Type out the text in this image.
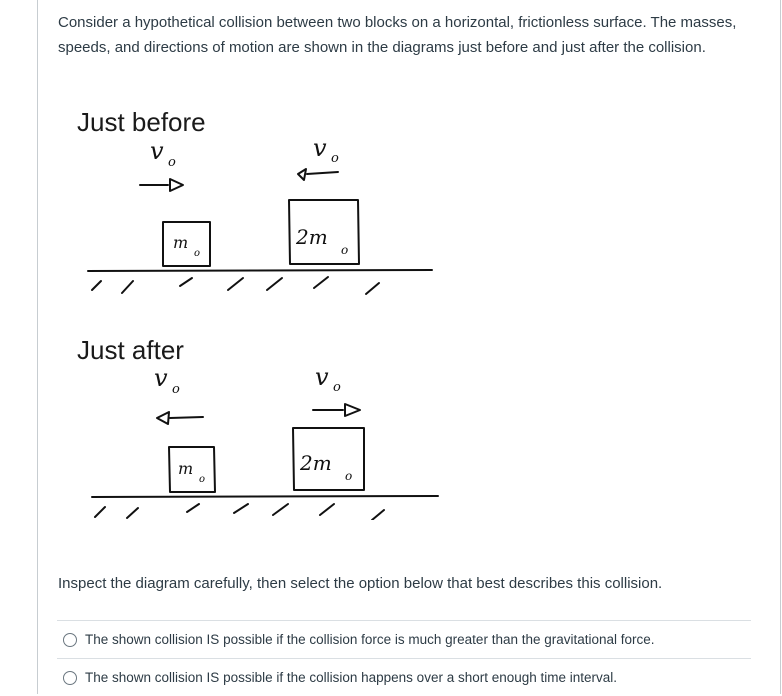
Consider a hypothetical collision between two blocks on a horizontal, frictionless surface. The masses, speeds, and directions of motion are shown in the diagrams just before and just after the collision.
Just before
v o
v o
m
o
2m
o
Just after
v o	v o
m
o
2m
o
Inspect the diagram carefully, then select the option below that best describes this collision.
The shown collision IS possible if the collision force is much greater than the gravitational force.
The shown collision IS possible if the collision happens over a short enough time interval.
